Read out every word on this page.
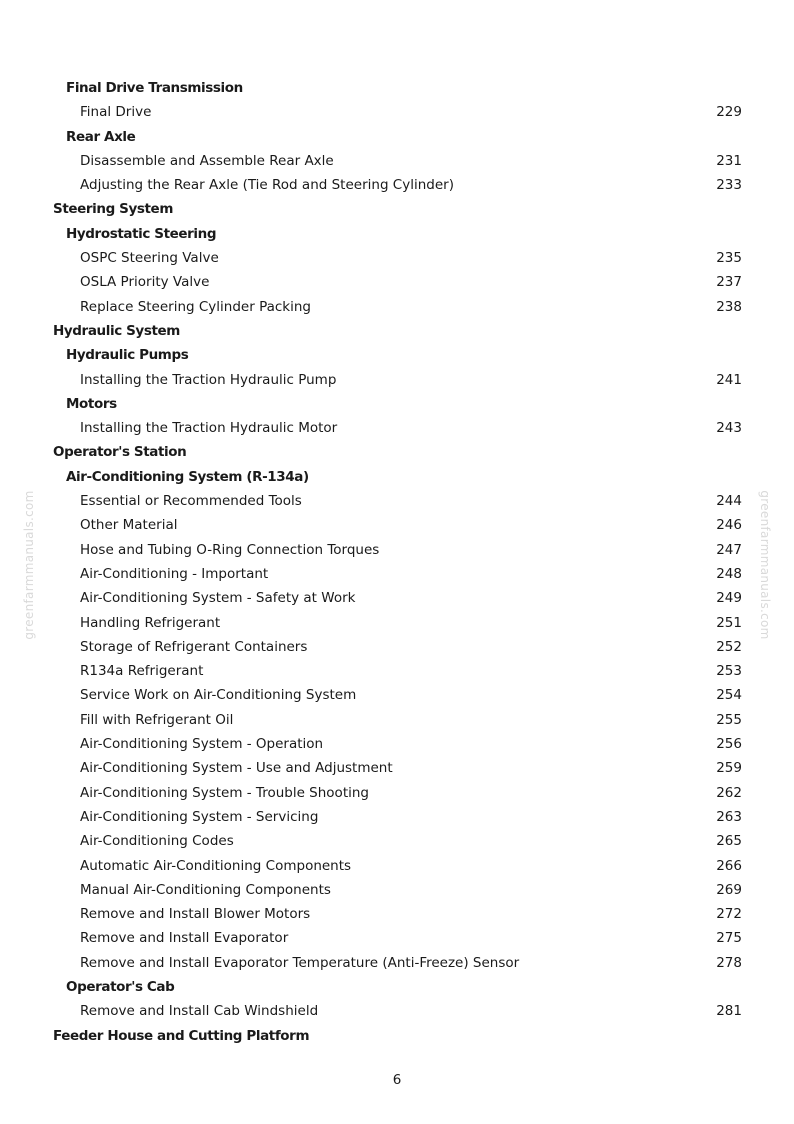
Final Drive Transmission
Final Drive	229
Rear Axle
Disassemble and Assemble Rear Axle	231
Adjusting the Rear Axle (Tie Rod and Steering Cylinder)	233
Steering System
Hydrostatic Steering
OSPC Steering Valve	235
OSLA Priority Valve	237
Replace Steering Cylinder Packing	238
Hydraulic System
Hydraulic Pumps
Installing the Traction Hydraulic Pump	241
Motors
Installing the Traction Hydraulic Motor	243
Operator's Station
Air-Conditioning System (R-134a)
Essential or Recommended Tools	244
Other Material	246
Hose and Tubing O-Ring Connection Torques	247
Air-Conditioning - Important	248
Air-Conditioning System - Safety at Work	249
Handling Refrigerant	251
Storage of Refrigerant Containers	252
R134a Refrigerant	253
Service Work on Air-Conditioning System	254
Fill with Refrigerant Oil	255
Air-Conditioning System - Operation	256
Air-Conditioning System - Use and Adjustment	259
Air-Conditioning System - Trouble Shooting	262
Air-Conditioning System - Servicing	263
Air-Conditioning Codes	265
Automatic Air-Conditioning Components	266
Manual Air-Conditioning Components	269
Remove and Install Blower Motors	272
Remove and Install Evaporator	275
Remove and Install Evaporator Temperature (Anti-Freeze) Sensor	278
Operator's Cab
Remove and Install Cab Windshield	281
Feeder House and Cutting Platform
6
greenfarmmanuals.com	greenfarmmanuals.com
